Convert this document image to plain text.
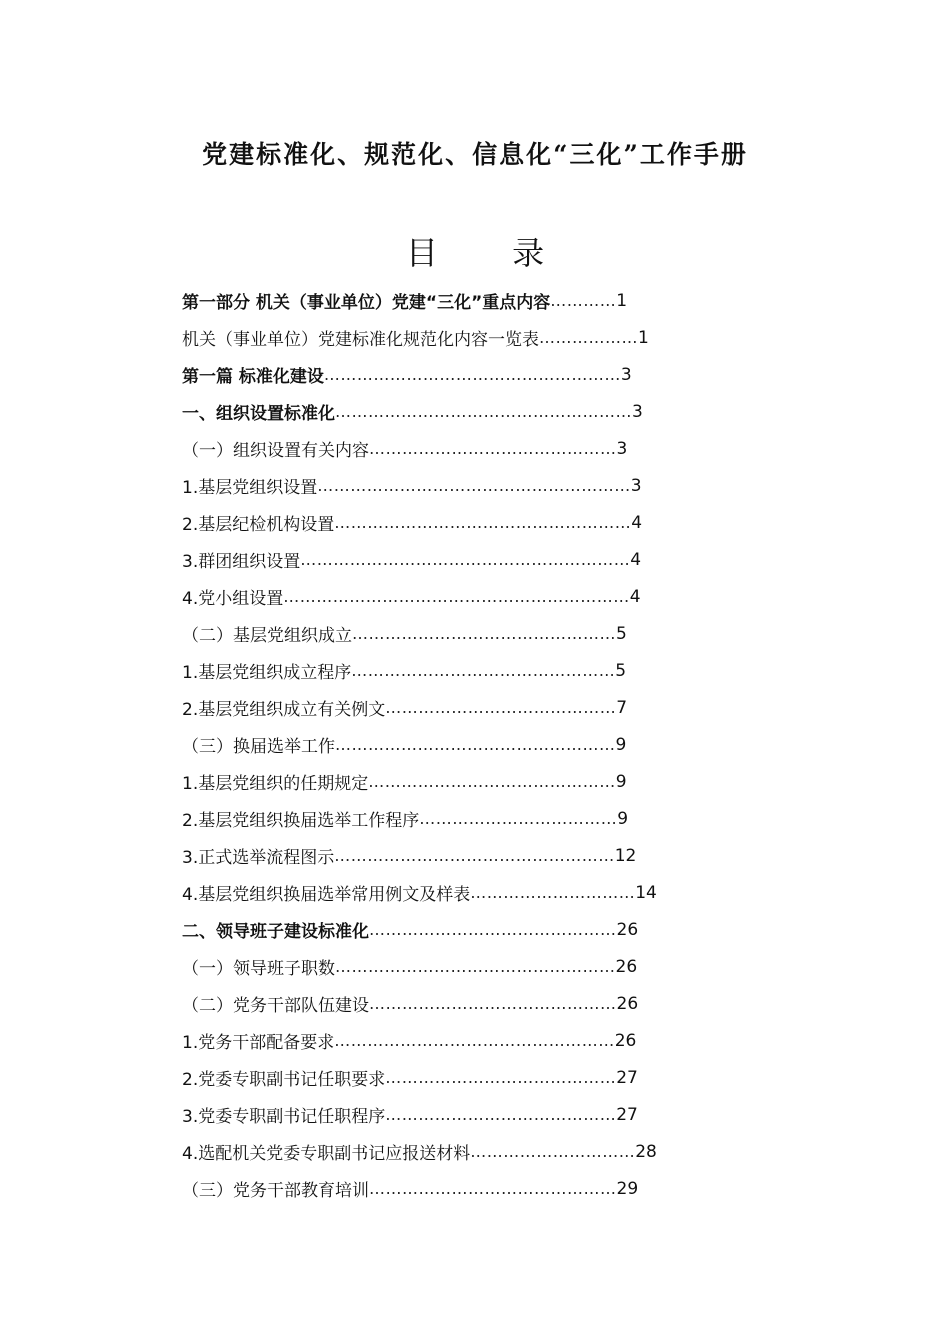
党建标准化、规范化、信息化“三化”工作手册
目 录
第一部分 机关（事业单位）党建“三化”重点内容 ………… 1
机关（事业单位）党建标准化规范化内容一览表 ……………… 1
第一篇 标准化建设 ……………………………………………… 3
一、组织设置标准化 ……………………………………………… 3
（一）组织设置有关内容 ……………………………………… 3
1.基层党组织设置 ………………………………………………… 3
2.基层纪检机构设置 ……………………………………………… 4
3.群团组织设置 …………………………………………………… 4
4.党小组设置 ……………………………………………………… 4
（二）基层党组织成立 ………………………………………… 5
1.基层党组织成立程序 ………………………………………… 5
2.基层党组织成立有关例文 …………………………………… 7
（三）换届选举工作 …………………………………………… 9
1.基层党组织的任期规定 ……………………………………… 9
2.基层党组织换届选举工作程序 ……………………………… 9
3.正式选举流程图示 …………………………………………… 12
4.基层党组织换届选举常用例文及样表 ………………………… 14
二、领导班子建设标准化 ……………………………………… 26
（一）领导班子职数 …………………………………………… 26
（二）党务干部队伍建设 ……………………………………… 26
1.党务干部配备要求 …………………………………………… 26
2.党委专职副书记任职要求 …………………………………… 27
3.党委专职副书记任职程序 …………………………………… 27
4.选配机关党委专职副书记应报送材料 ………………………… 28
（三）党务干部教育培训 ……………………………………… 29
